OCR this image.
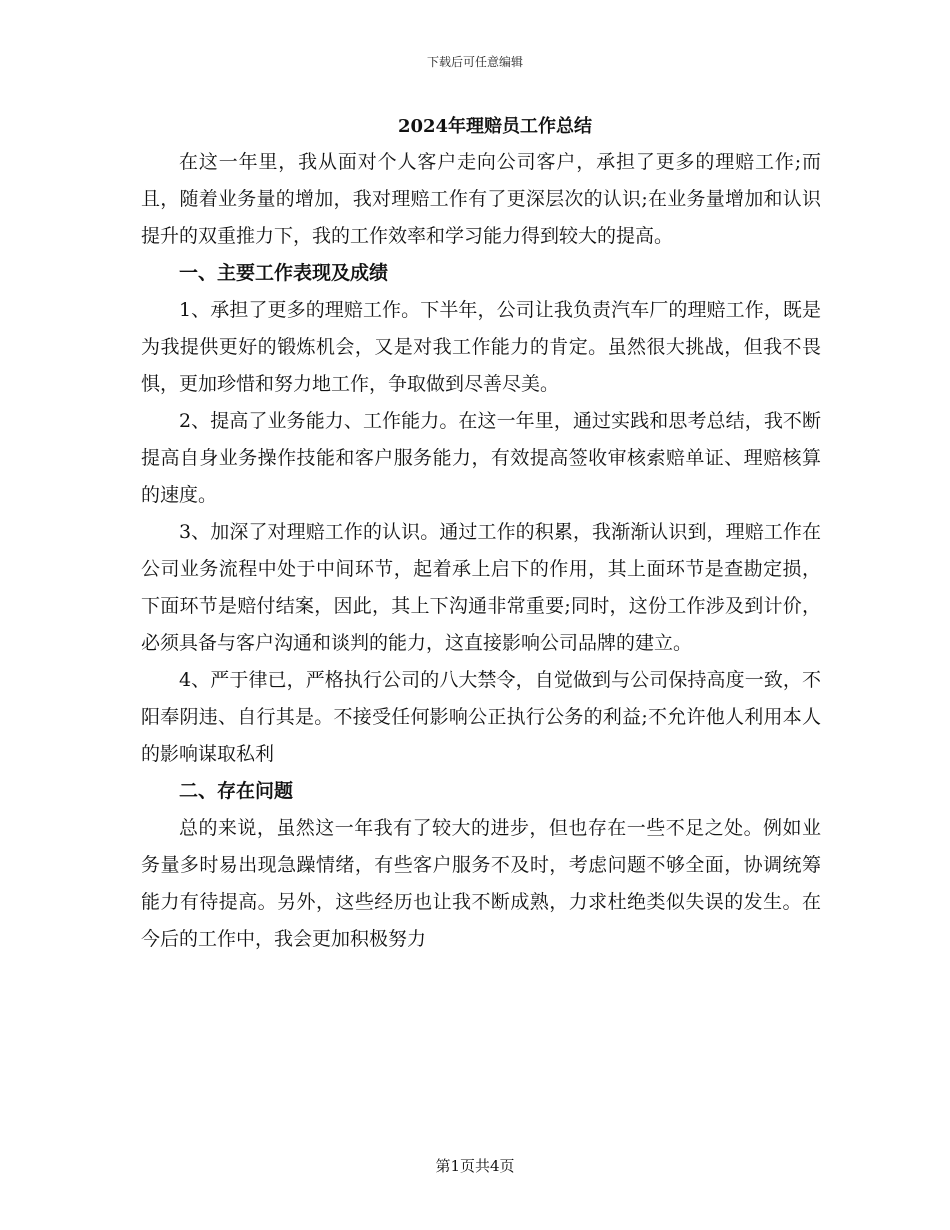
下载后可任意编辑
2024年理赔员工作总结

在这一年里，我从面对个人客户走向公司客户，承担了更多的理赔工作;而且，随着业务量的增加，我对理赔工作有了更深层次的认识;在业务量增加和认识提升的双重推力下，我的工作效率和学习能力得到较大的提高。

一、主要工作表现及成绩

1、承担了更多的理赔工作。下半年，公司让我负责汽车厂的理赔工作，既是为我提供更好的锻炼机会，又是对我工作能力的肯定。虽然很大挑战，但我不畏惧，更加珍惜和努力地工作，争取做到尽善尽美。

2、提高了业务能力、工作能力。在这一年里，通过实践和思考总结，我不断提高自身业务操作技能和客户服务能力，有效提高签收审核索赔单证、理赔核算的速度。

3、加深了对理赔工作的认识。通过工作的积累，我渐渐认识到，理赔工作在公司业务流程中处于中间环节，起着承上启下的作用，其上面环节是查勘定损，下面环节是赔付结案，因此，其上下沟通非常重要;同时，这份工作涉及到计价，必须具备与客户沟通和谈判的能力，这直接影响公司品牌的建立。

4、严于律已，严格执行公司的八大禁令，自觉做到与公司保持高度一致，不阳奉阴违、自行其是。不接受任何影响公正执行公务的利益;不允许他人利用本人的影响谋取私利

二、存在问题

总的来说，虽然这一年我有了较大的进步，但也存在一些不足之处。例如业务量多时易出现急躁情绪，有些客户服务不及时，考虑问题不够全面，协调统筹能力有待提高。另外，这些经历也让我不断成熟，力求杜绝类似失误的发生。在今后的工作中，我会更加积极努力

第1页共4页
